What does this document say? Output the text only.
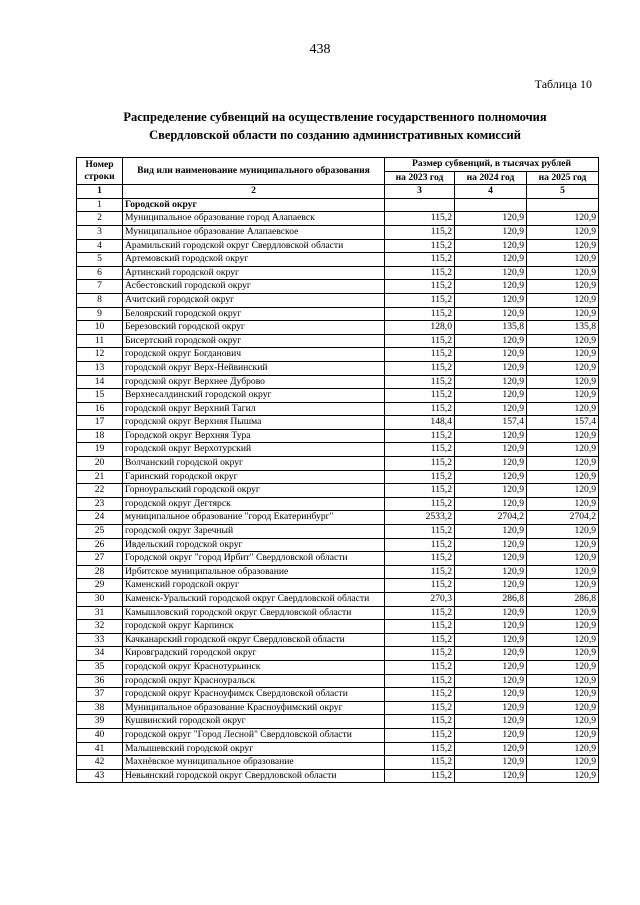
438
Таблица 10
Распределение субвенций на осуществление государственного полномочия
Свердловской области по созданию административных комиссий
Номер строки	Вид или наименование муниципального образования	Размер субвенций, в тысячах рублей		
		на 2023 год	на 2024 год	на 2025 год
1	2	3	4	5
1	Городской округ			
2	Муниципальное образование город Алапаевск	115,2	120,9	120,9
3	Муниципальное образование Алапаевское	115,2	120,9	120,9
4	Арамильский городской округ Свердловской области	115,2	120,9	120,9
5	Артемовский городской округ	115,2	120,9	120,9
6	Артинский городской округ	115,2	120,9	120,9
7	Асбестовский городской округ	115,2	120,9	120,9
8	Ачитский городской округ	115,2	120,9	120,9
9	Белоярский городской округ	115,2	120,9	120,9
10	Березовский городской округ	128,0	135,8	135,8
11	Бисертский городской округ	115,2	120,9	120,9
12	городской округ Богданович	115,2	120,9	120,9
13	городской округ Верх-Нейвинский	115,2	120,9	120,9
14	городской округ Верхнее Дуброво	115,2	120,9	120,9
15	Верхнесалдинский городской округ	115,2	120,9	120,9
16	городской округ Верхний Тагил	115,2	120,9	120,9
17	городской округ Верхняя Пышма	148,4	157,4	157,4
18	Городской округ Верхняя Тура	115,2	120,9	120,9
19	городской округ Верхотурский	115,2	120,9	120,9
20	Волчанский городской округ	115,2	120,9	120,9
21	Гаринский городской округ	115,2	120,9	120,9
22	Горноуральский городской округ	115,2	120,9	120,9
23	городской округ Дегтярск	115,2	120,9	120,9
24	муниципальное образование "город Екатеринбург"	2533,2	2704,2	2704,2
25	городской округ Заречный	115,2	120,9	120,9
26	Ивдельский городской округ	115,2	120,9	120,9
27	Городской округ "город Ирбит" Свердловской области	115,2	120,9	120,9
28	Ирбитское муниципальное образование	115,2	120,9	120,9
29	Каменский городской округ	115,2	120,9	120,9
30	Каменск-Уральский городской округ Свердловской области	270,3	286,8	286,8
31	Камышловский городской округ Свердловской области	115,2	120,9	120,9
32	городской округ Карпинск	115,2	120,9	120,9
33	Качканарский городской округ Свердловской области	115,2	120,9	120,9
34	Кировградский городской округ	115,2	120,9	120,9
35	городской округ Краснотурьинск	115,2	120,9	120,9
36	городской округ Красноуральск	115,2	120,9	120,9
37	городской округ Красноуфимск Свердловской области	115,2	120,9	120,9
38	Муниципальное образование Красноуфимский округ	115,2	120,9	120,9
39	Кушвинский городской округ	115,2	120,9	120,9
40	городской округ "Город Лесной" Свердловской области	115,2	120,9	120,9
41	Малышевский городской округ	115,2	120,9	120,9
42	Махнёвское муниципальное образование	115,2	120,9	120,9
43	Невьянский городской округ Свердловской области	115,2	120,9	120,9
